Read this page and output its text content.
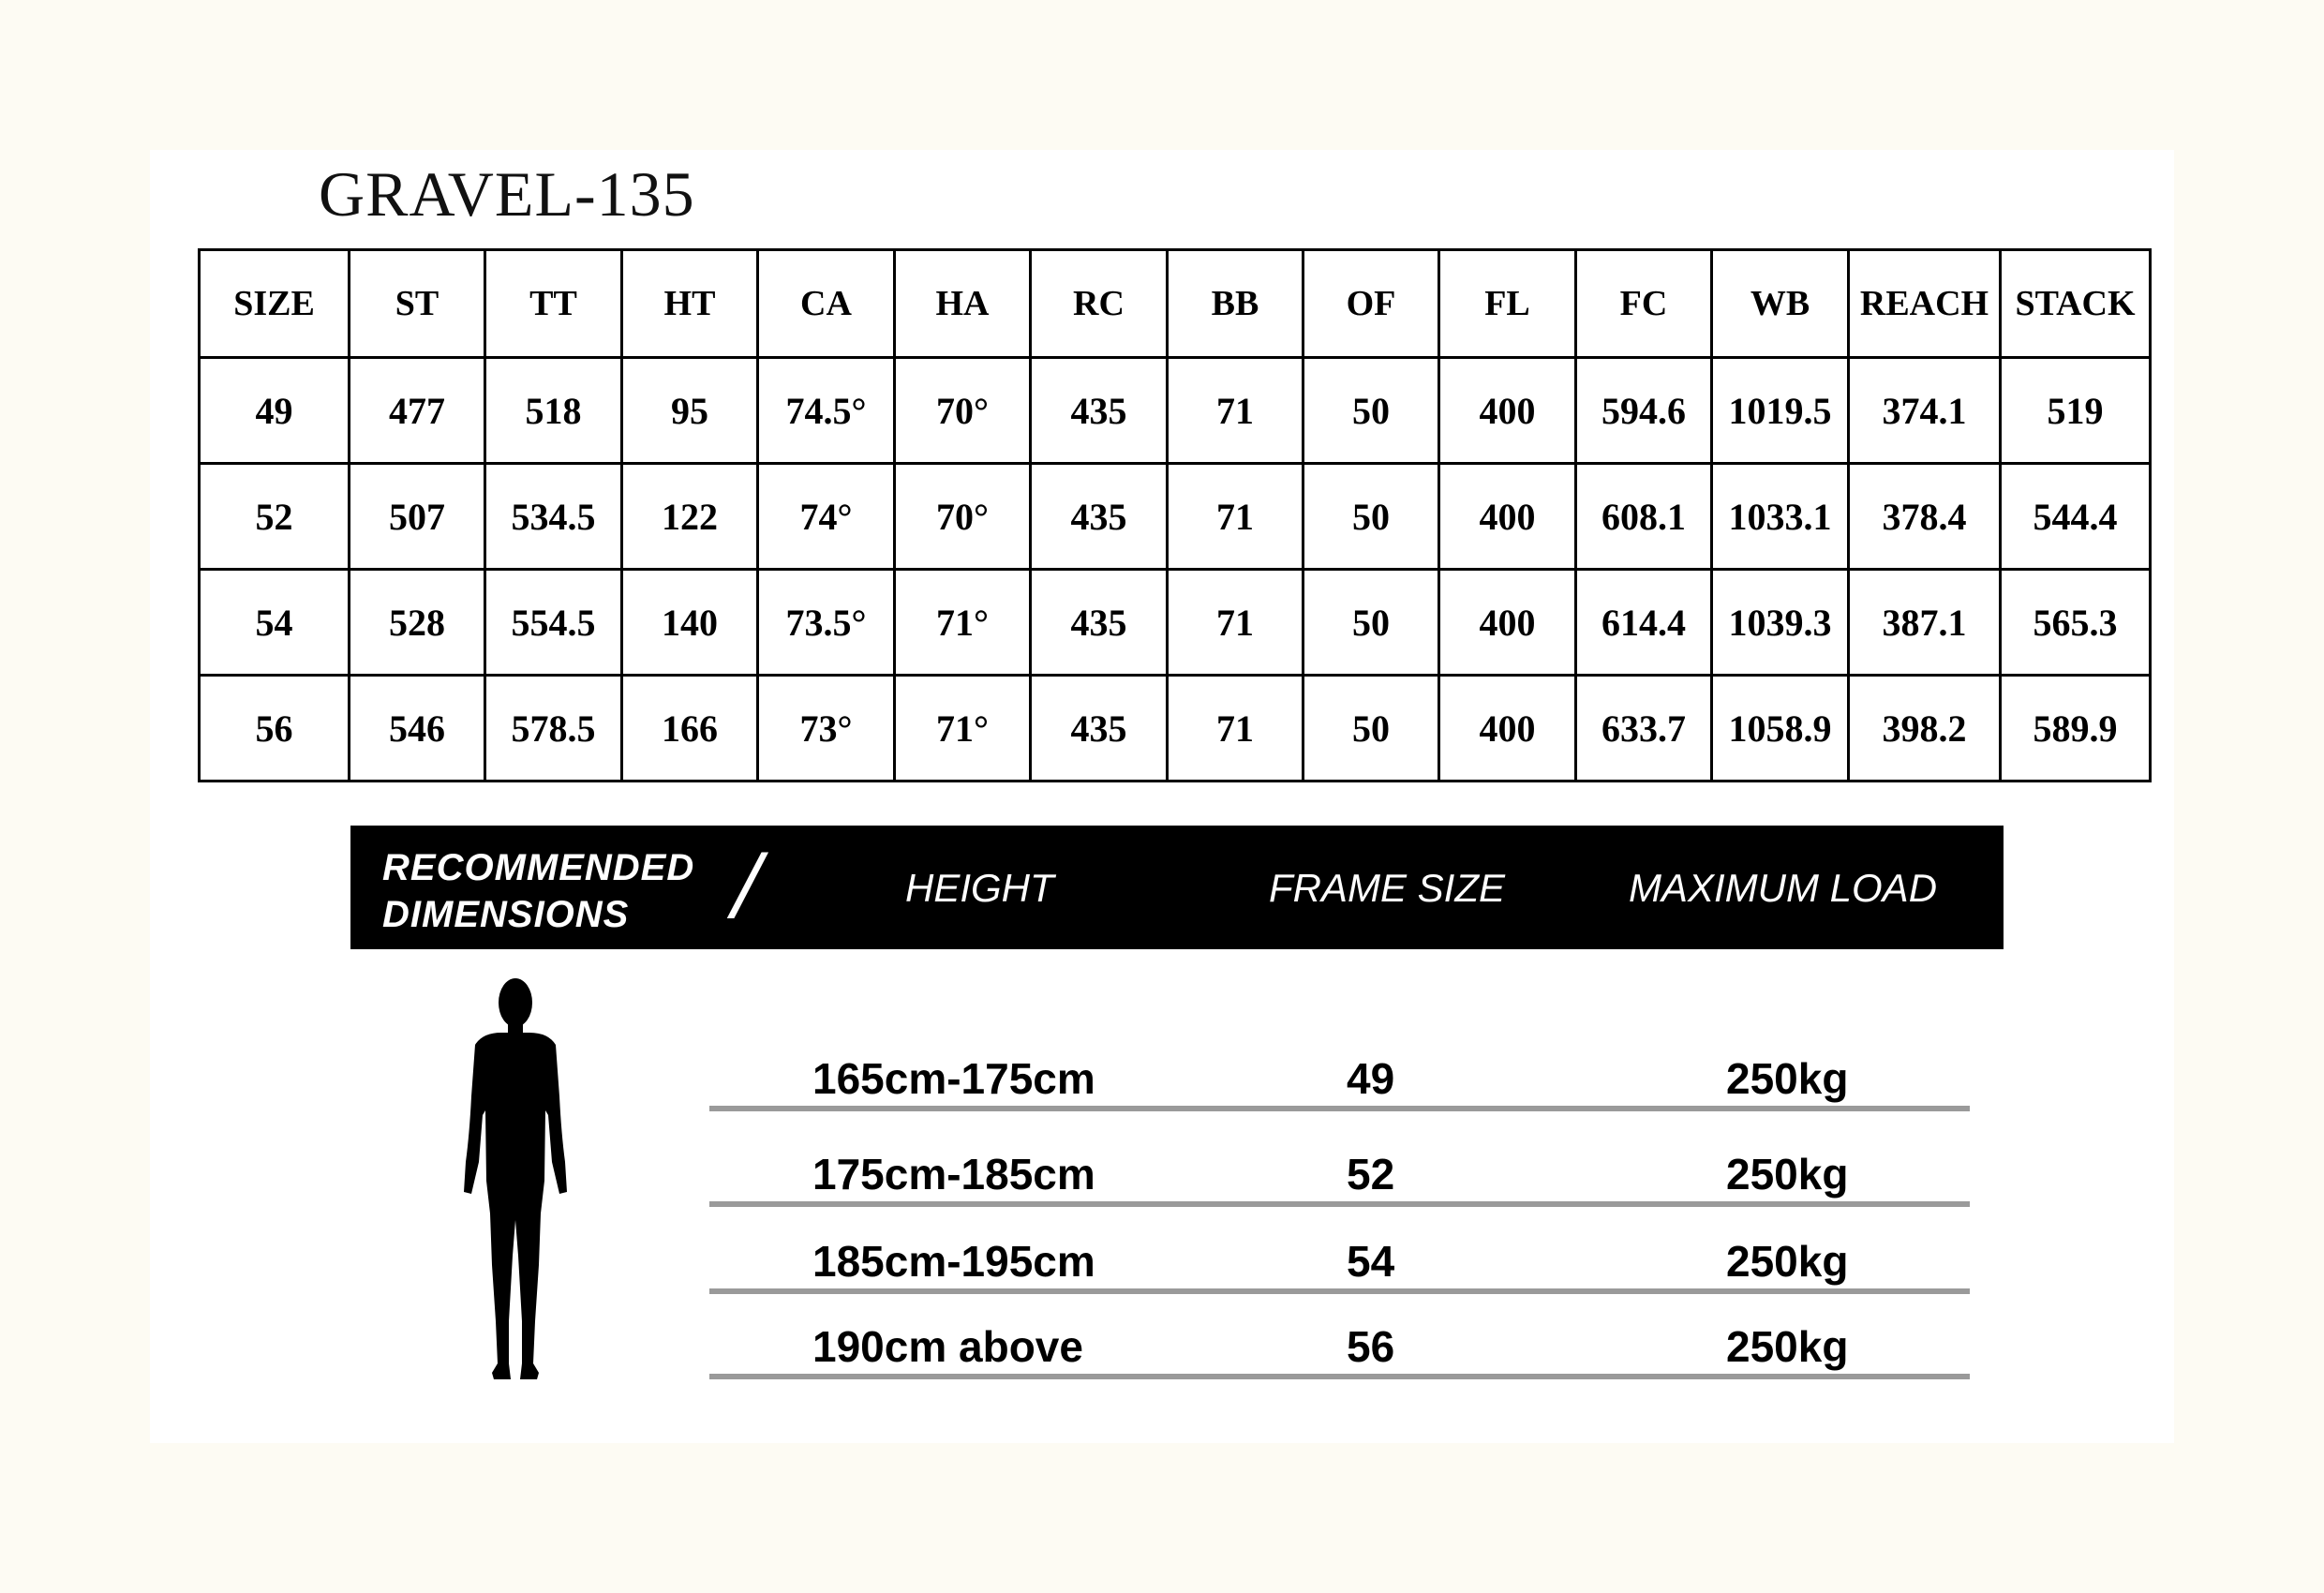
GRAVEL-135
SIZE	ST	TT	HT	CA	HA	RC	BB	OF	FL	FC	WB	REACH	STACK
49	477	518	95	74.5°	70°	435	71	50	400	594.6	1019.5	374.1	519
52	507	534.5	122	74°	70°	435	71	50	400	608.1	1033.1	378.4	544.4
54	528	554.5	140	73.5°	71°	435	71	50	400	614.4	1039.3	387.1	565.3
56	546	578.5	166	73°	71°	435	71	50	400	633.7	1058.9	398.2	589.9
RECOMMENDED
DIMENSIONS	/	HEIGHT	FRAME SIZE	MAXIMUM LOAD
165cm-175cm	49	250kg
175cm-185cm	52	250kg
185cm-195cm	54	250kg
190cm above	56	250kg
